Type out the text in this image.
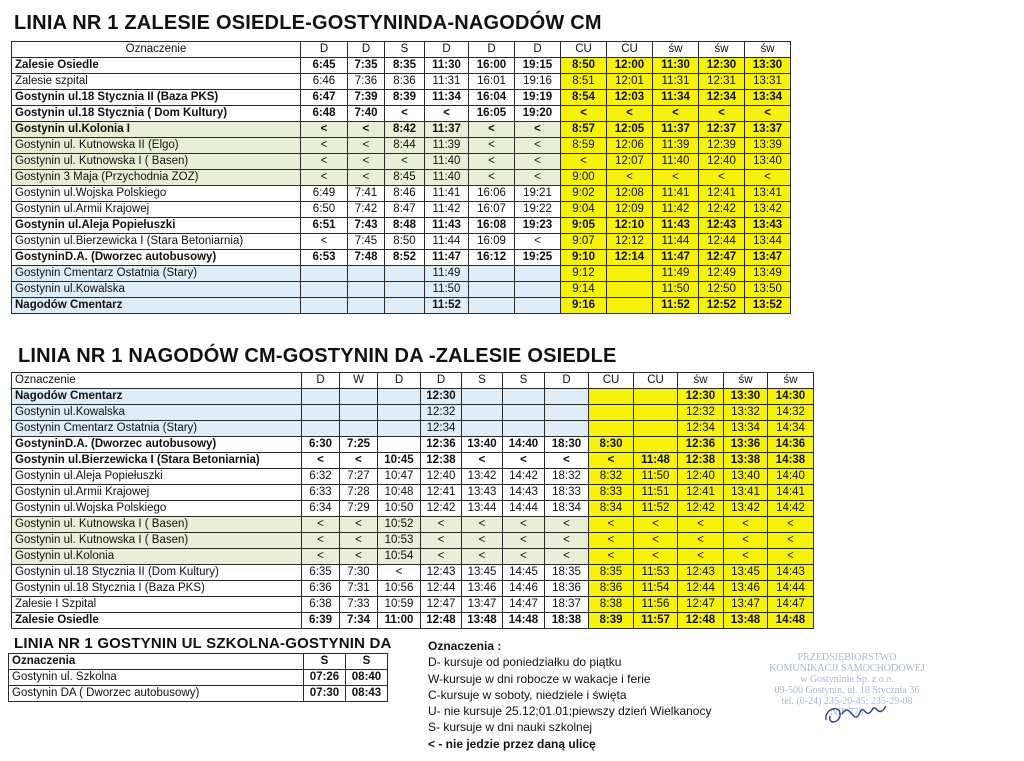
LINIA NR 1 ZALESIE OSIEDLE-GOSTYNINDA-NAGODÓW CM
Oznaczenie	D	D	S	D	D	D	CU	CU	św	św	św
Zalesie Osiedle	6:45	7:35	8:35	11:30	16:00	19:15	8:50	12:00	11:30	12:30	13:30
Zalesie szpital	6:46	7:36	8:36	11:31	16:01	19:16	8:51	12:01	11:31	12:31	13:31
Gostynin ul.18 Stycznia II (Baza PKS)	6:47	7:39	8:39	11:34	16:04	19:19	8:54	12:03	11:34	12:34	13:34
Gostynin ul.18 Stycznia ( Dom Kultury)	6:48	7:40	<	<	16:05	19:20	<	<	<	<	<
Gostynin ul.Kolonia I	<	<	8:42	11:37	<	<	8:57	12:05	11:37	12:37	13:37
Gostynin ul. Kutnowska II (Elgo)	<	<	8:44	11:39	<	<	8:59	12:06	11:39	12:39	13:39
Gostynin ul. Kutnowska I ( Basen)	<	<	<	11:40	<	<	<	12:07	11:40	12:40	13:40
Gostynin 3 Maja (Przychodnia ZOZ)	<	<	8:45	11:40	<	<	9:00	<	<	<	<
Gostynin ul.Wojska Polskiego	6:49	7:41	8:46	11:41	16:06	19:21	9:02	12:08	11:41	12:41	13:41
Gostynin ul.Armii Krajowej	6:50	7:42	8:47	11:42	16:07	19:22	9:04	12:09	11:42	12:42	13:42
Gostynin ul.Aleja Popiełuszki	6:51	7:43	8:48	11:43	16:08	19:23	9:05	12:10	11:43	12:43	13:43
Gostynin ul.Bierzewicka I (Stara Betoniarnia)	<	7:45	8:50	11:44	16:09	<	9:07	12:12	11:44	12:44	13:44
GostyninD.A. (Dworzec autobusowy)	6:53	7:48	8:52	11:47	16:12	19:25	9:10	12:14	11:47	12:47	13:47
Gostynin Cmentarz Ostatnia (Stary)				11:49			9:12		11:49	12:49	13:49
Gostynin ul.Kowalska				11:50			9:14		11:50	12:50	13:50
Nagodów Cmentarz				11:52			9:16		11:52	12:52	13:52
LINIA NR 1 NAGODÓW CM-GOSTYNIN DA -ZALESIE OSIEDLE
Oznaczenie	D	W	D	D	S	S	D	CU	CU	św	św	św
Nagodów Cmentarz				12:30						12:30	13:30	14:30
Gostynin ul.Kowalska				12:32						12:32	13:32	14:32
Gostynin Cmentarz Ostatnia (Stary)				12:34						12:34	13:34	14:34
GostyninD.A. (Dworzec autobusowy)	6:30	7:25		12:36	13:40	14:40	18:30	8:30		12:36	13:36	14:36
Gostynin ul.Bierzewicka I (Stara Betoniarnia)	<	<	10:45	12:38	<	<	<	<	11:48	12:38	13:38	14:38
Gostynin ul.Aleja Popiełuszki	6:32	7:27	10:47	12:40	13:42	14:42	18:32	8:32	11:50	12:40	13:40	14:40
Gostynin ul.Armii Krajowej	6:33	7:28	10:48	12:41	13:43	14:43	18:33	8:33	11:51	12:41	13:41	14:41
Gostynin ul.Wojska Polskiego	6:34	7:29	10:50	12:42	13:44	14:44	18:34	8:34	11:52	12:42	13:42	14:42
Gostynin ul. Kutnowska I ( Basen)	<	<	10:52	<	<	<	<	<	<	<	<	<
Gostynin ul. Kutnowska I ( Basen)	<	<	10:53	<	<	<	<	<	<	<	<	<
Gostynin ul.Kolonia	<	<	10:54	<	<	<	<	<	<	<	<	<
Gostynin ul.18 Stycznia II (Dom Kultury)	6:35	7:30	<	12:43	13:45	14:45	18:35	8:35	11:53	12:43	13:45	14:43
Gostynin ul.18 Stycznia I (Baza PKS)	6:36	7:31	10:56	12:44	13:46	14:46	18:36	8:36	11:54	12:44	13:46	14:44
Zalesie I Szpital	6:38	7:33	10:59	12:47	13:47	14:47	18:37	8:38	11:56	12:47	13:47	14:47
Zalesie Osiedle	6:39	7:34	11:00	12:48	13:48	14:48	18:38	8:39	11:57	12:48	13:48	14:48
LINIA NR 1 GOSTYNIN UL SZKOLNA-GOSTYNIN DA
Oznaczenia	S	S
Gostynin ul. Szkolna	07:26	08:40
Gostynin DA ( Dworzec autobusowy)	07:30	08:43
Oznaczenia :
D- kursuje od poniedziałku do piątku
W-kursuje w dni robocze w wakacje i ferie
C-kursuje w soboty, niedziele i święta
U- nie kursuje 25.12;01.01;piewszy dzień Wielkanocy
S- kursuje w dni nauki szkolnej
< - nie jedzie przez daną ulicę
PRZEDSIĘBIORSTWO
KOMUNIKACJI SAMOCHODOWEJ
w Gostyninie Sp. z o.o.
09-500 Gostynin, ul. 18 Stycznia 36
tel. (0-24) 235-20-45; 235-29-08
NIP 775
